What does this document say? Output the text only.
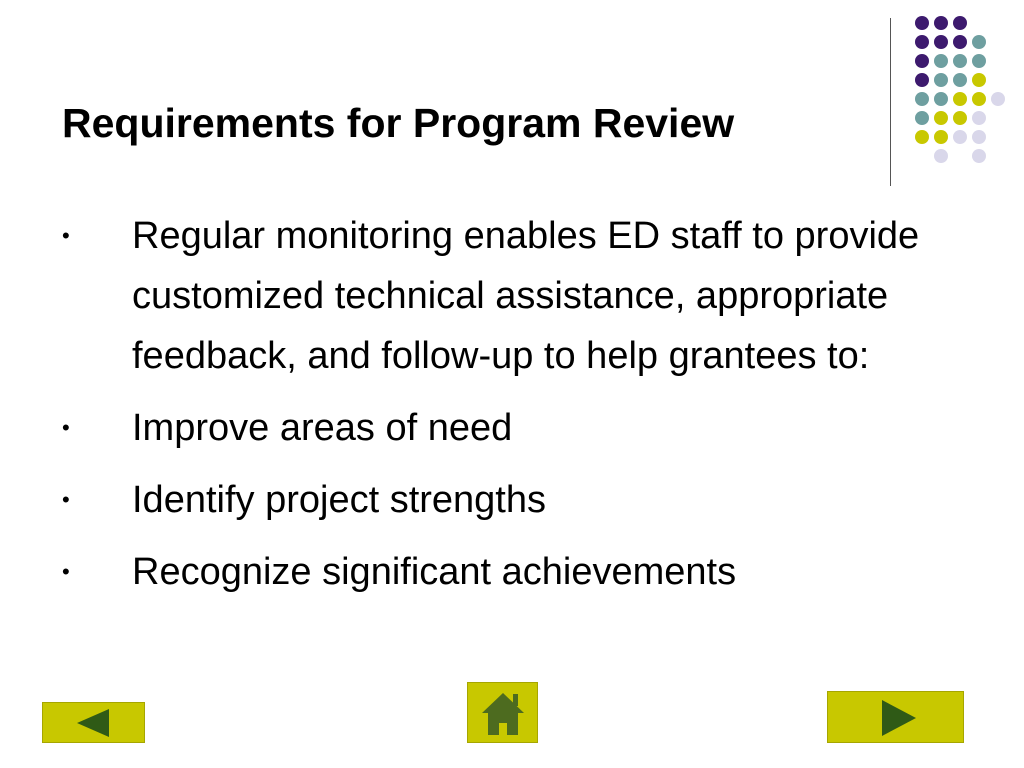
Requirements for Program Review
• Regular monitoring enables ED staff to provide customized technical assistance, appropriate feedback, and follow-up to help grantees to:
• Improve areas of need
• Identify project strengths
• Recognize significant achievements
